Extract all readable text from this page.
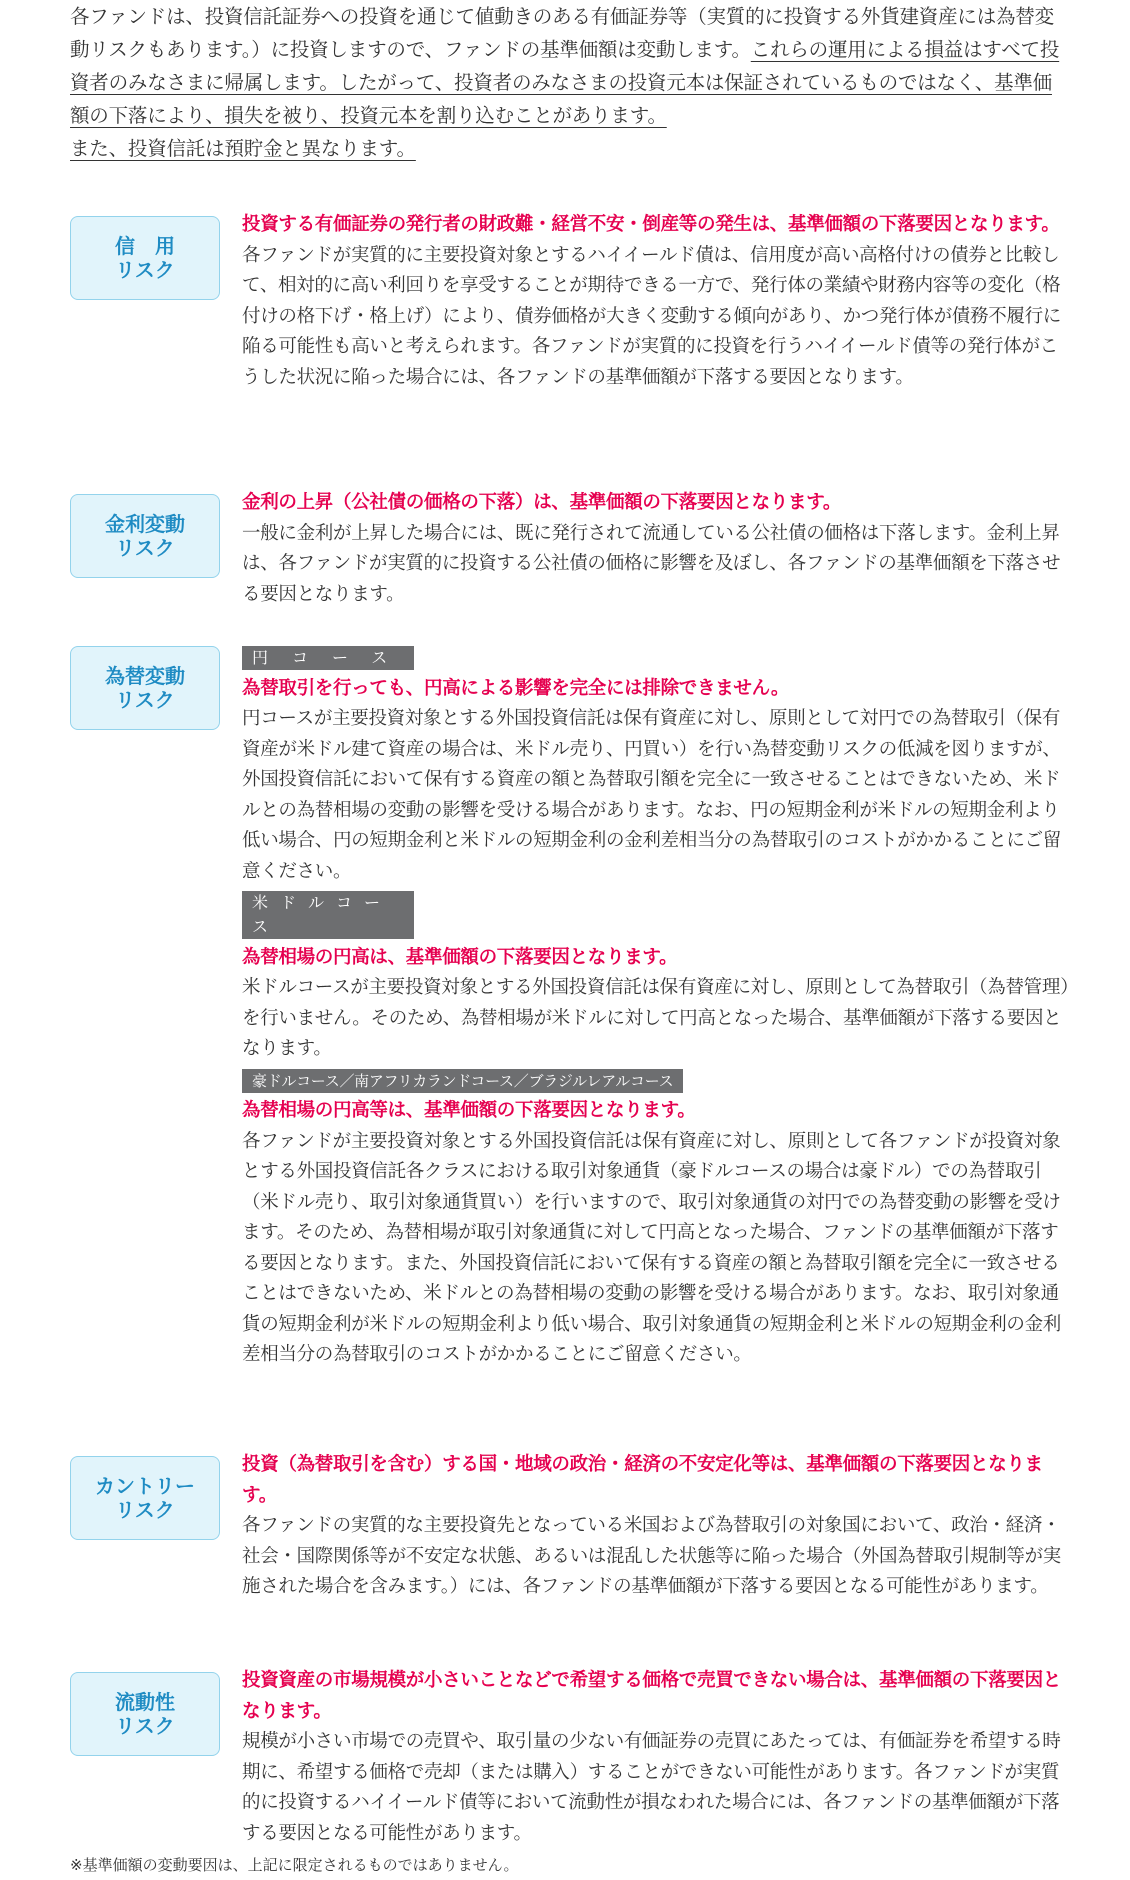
各ファンドは、投資信託証券への投資を通じて値動きのある有価証券等（実質的に投資する外貨建資産には為替変動リスクもあります。）に投資しますので、ファンドの基準価額は変動します。これらの運用による損益はすべて投資者のみなさまに帰属します。したがって、投資者のみなさまの投資元本は保証されているものではなく、基準価額の下落により、損失を被り、投資元本を割り込むことがあります。
また、投資信託は預貯金と異なります。

信　用
リスク

投資する有価証券の発行者の財政難・経営不安・倒産等の発生は、基準価額の下落要因となります。

各ファンドが実質的に主要投資対象とするハイイールド債は、信用度が高い高格付けの債券と比較して、相対的に高い利回りを享受することが期待できる一方で、発行体の業績や財務内容等の変化（格付けの格下げ・格上げ）により、債券価格が大きく変動する傾向があり、かつ発行体が債務不履行に陥る可能性も高いと考えられます。各ファンドが実質的に投資を行うハイイールド債等の発行体がこうした状況に陥った場合には、各ファンドの基準価額が下落する要因となります。

金利変動
リスク

金利の上昇（公社債の価格の下落）は、基準価額の下落要因となります。

一般に金利が上昇した場合には、既に発行されて流通している公社債の価格は下落します。金利上昇は、各ファンドが実質的に投資する公社債の価格に影響を及ぼし、各ファンドの基準価額を下落させる要因となります。

為替変動
リスク
円コース

為替取引を行っても、円高による影響を完全には排除できません。

円コースが主要投資対象とする外国投資信託は保有資産に対し、原則として対円での為替取引（保有資産が米ドル建て資産の場合は、米ドル売り、円買い）を行い為替変動リスクの低減を図りますが、外国投資信託において保有する資産の額と為替取引額を完全に一致させることはできないため、米ドルとの為替相場の変動の影響を受ける場合があります。なお、円の短期金利が米ドルの短期金利より低い場合、円の短期金利と米ドルの短期金利の金利差相当分の為替取引のコストがかかることにご留意ください。

米ドルコース

為替相場の円高は、基準価額の下落要因となります。

米ドルコースが主要投資対象とする外国投資信託は保有資産に対し、原則として為替取引（為替管理）を行いません。そのため、為替相場が米ドルに対して円高となった場合、基準価額が下落する要因となります。

豪ドルコース／南アフリカランドコース／ブラジルレアルコース

為替相場の円高等は、基準価額の下落要因となります。

各ファンドが主要投資対象とする外国投資信託は保有資産に対し、原則として各ファンドが投資対象とする外国投資信託各クラスにおける取引対象通貨（豪ドルコースの場合は豪ドル）での為替取引（米ドル売り、取引対象通貨買い）を行いますので、取引対象通貨の対円での為替変動の影響を受けます。そのため、為替相場が取引対象通貨に対して円高となった場合、ファンドの基準価額が下落する要因となります。また、外国投資信託において保有する資産の額と為替取引額を完全に一致させることはできないため、米ドルとの為替相場の変動の影響を受ける場合があります。なお、取引対象通貨の短期金利が米ドルの短期金利より低い場合、取引対象通貨の短期金利と米ドルの短期金利の金利差相当分の為替取引のコストがかかることにご留意ください。

カントリー
リスク

投資（為替取引を含む）する国・地域の政治・経済の不安定化等は、基準価額の下落要因となります。

各ファンドの実質的な主要投資先となっている米国および為替取引の対象国において、政治・経済・社会・国際関係等が不安定な状態、あるいは混乱した状態等に陥った場合（外国為替取引規制等が実施された場合を含みます。）には、各ファンドの基準価額が下落する要因となる可能性があります。

流動性
リスク

投資資産の市場規模が小さいことなどで希望する価格で売買できない場合は、基準価額の下落要因となります。

規模が小さい市場での売買や、取引量の少ない有価証券の売買にあたっては、有価証券を希望する時期に、希望する価格で売却（または購入）することができない可能性があります。各ファンドが実質的に投資するハイイールド債等において流動性が損なわれた場合には、各ファンドの基準価額が下落する要因となる可能性があります。

※基準価額の変動要因は、上記に限定されるものではありません。
